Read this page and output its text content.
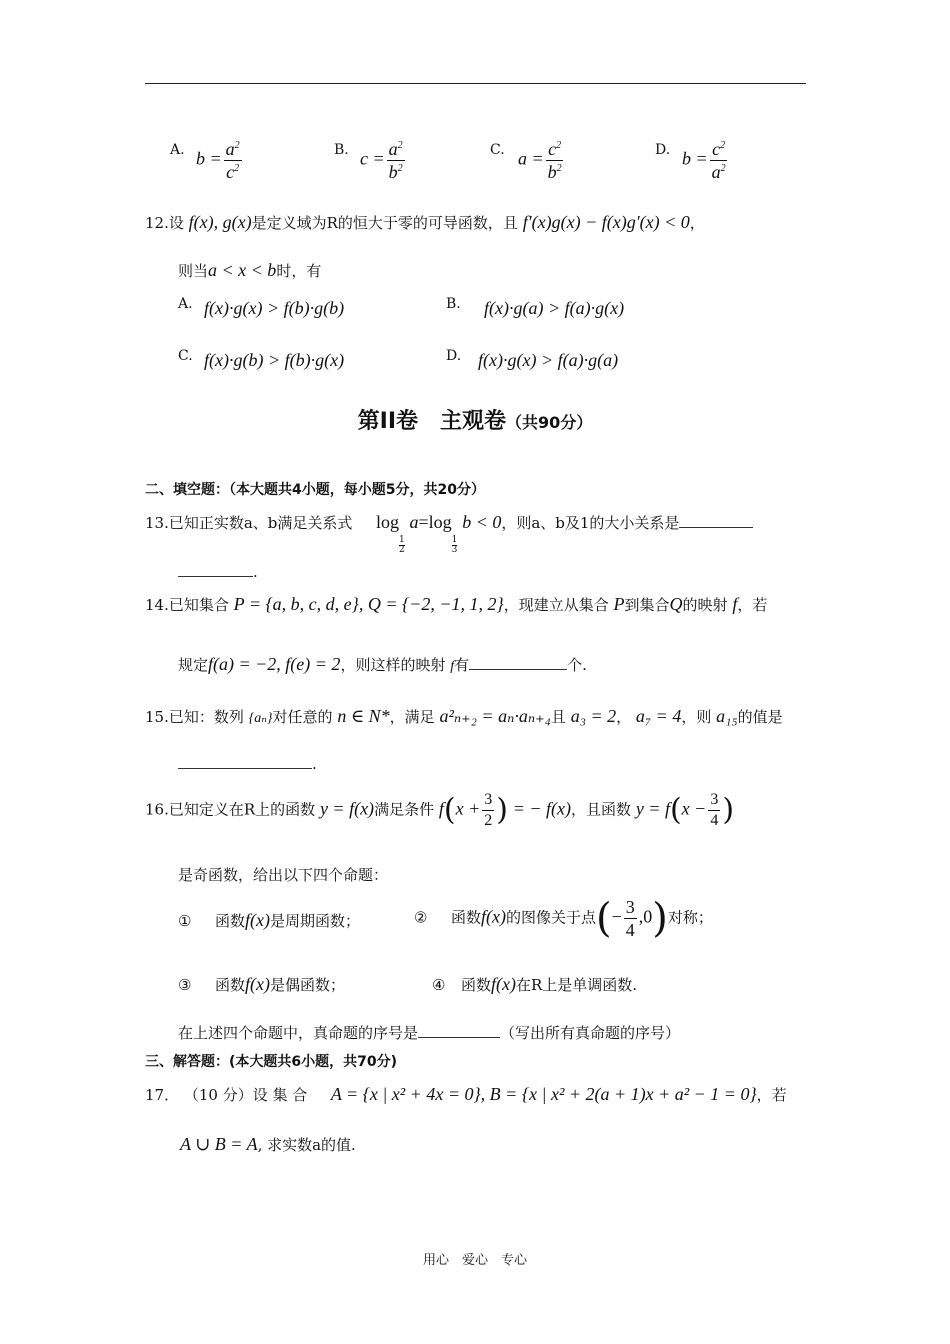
A. $b = \frac{a^2}{c^2}$	B. $c = \frac{a^2}{b^2}$	C. $a = \frac{c^2}{b^2}$	D. $b = \frac{c^2}{a^2}$
12.设 f(x), g(x)是定义域为R的恒大于零的可导函数，且 f′(x)g(x) − f(x)g′(x) < 0，
则当a < x < b时，有
A. f(x)·g(x) > f(b)·g(b)	B. f(x)·g(a) > f(a)·g(x)
C. f(x)·g(b) > f(b)·g(x)	D. f(x)·g(x) > f(a)·g(a)
第II卷　主观卷（共90分）
二、填空题：（本大题共4小题，每小题5分，共20分）
13.已知正实数a、b满足关系式 log
$\frac{1}{2}$
a=log
$\frac{1}{3}$
b < 0，则a、b及1的大小关系是
.
14.已知集合 P = {a, b, c, d, e}, Q = {−2, −1, 1, 2}，现建立从集合 P到集合Q的映射 f，若
规定f(a) = −2, f(e) = 2，则这样的映射 f有	个.
15.已知：数列 {aₙ}对任意的 n ∈ N*，满足 a²ₙ₊₂ = aₙ·aₙ₊₄且 a₃ = 2， a₇ = 4，则 a₁₅的值是
.
16.已知定义在R上的函数 y = f(x)满足条件 $f(x + \frac{3}{2}$ ) = − f(x)，且函数 $y = f(x - \frac{3}{4}$ )
是奇函数，给出以下四个命题：
① 函数f(x)是周期函数；	② 函数f(x)的图像关于点(− $\frac{3}{4} ,0$)对称；
③ 函数f(x)是偶函数；	④ 函数f(x)在R上是单调函数.
在上述四个命题中，真命题的序号是	（写出所有真命题的序号）
三、解答题：(本大题共6小题，共70分)
17． （10 分）设 集 合 A = {x | x² + 4x = 0}, B = {x | x² + 2(a + 1)x + a² − 1 = 0}，若
A ∪ B = A, 求实数a的值.
用心　爱心　专心
